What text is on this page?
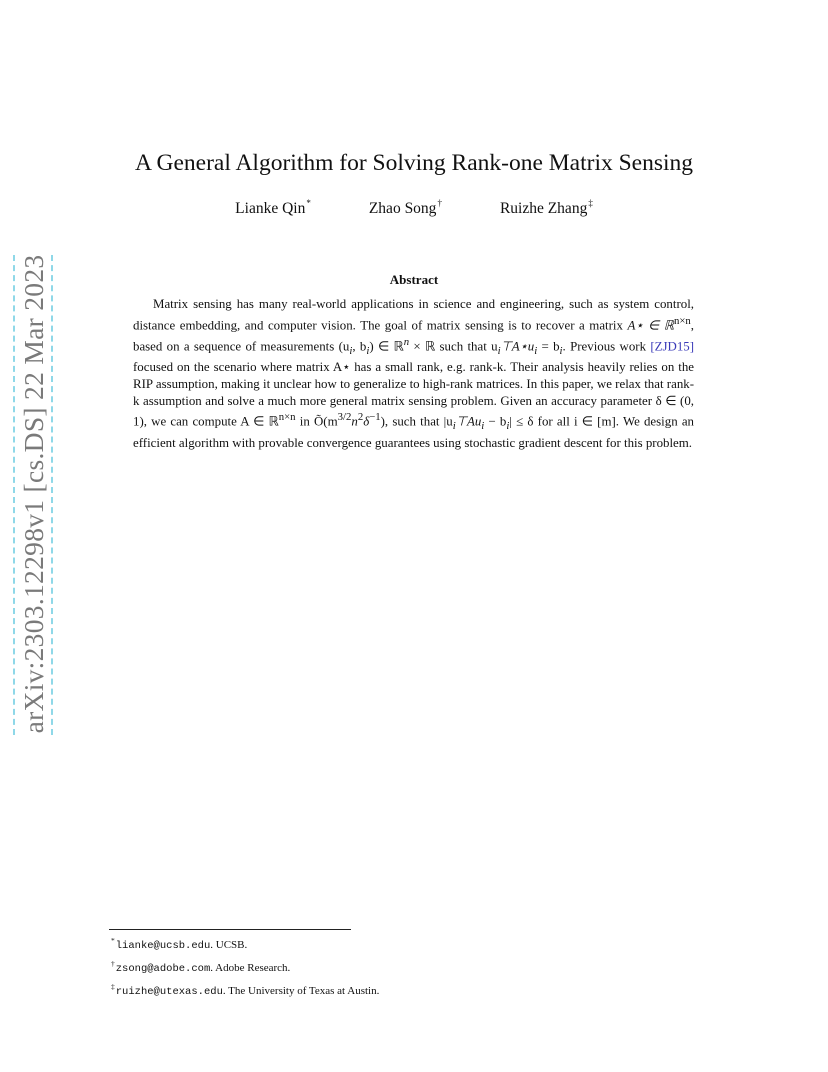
arXiv:2303.12298v1 [cs.DS] 22 Mar 2023
A General Algorithm for Solving Rank-one Matrix Sensing
Lianke Qin*	Zhao Song†	Ruizhe Zhang‡
Abstract

Matrix sensing has many real-world applications in science and engineering, such as system control, distance embedding, and computer vision. The goal of matrix sensing is to recover a matrix A⋆ ∈ ℝ$^{n\times n}$, based on a sequence of measurements ($u_i$, $b_i$) ∈ ℝ$^n$ × ℝ such that $u_i⊤A⋆u_i = b_i$. Previous work [ZJD15] focused on the scenario where matrix A⋆ has a small rank, e.g. rank-k. Their analysis heavily relies on the RIP assumption, making it unclear how to generalize to high-rank matrices. In this paper, we relax that rank-k assumption and solve a much more general matrix sensing problem. Given an accuracy parameter δ ∈ (0, 1), we can compute A ∈ ℝ$^{n\times n}$ in $Õ(m^{3/2}n^2\delta^{-1})$, such that $|u_i⊤Au_i - b_i| \le \delta$ for all i ∈ [m]. We design an efficient algorithm with provable convergence guarantees using stochastic gradient descent for this problem.

*lianke@ucsb.edu. UCSB.
†zsong@adobe.com. Adobe Research.
‡ruizhe@utexas.edu. The University of Texas at Austin.
